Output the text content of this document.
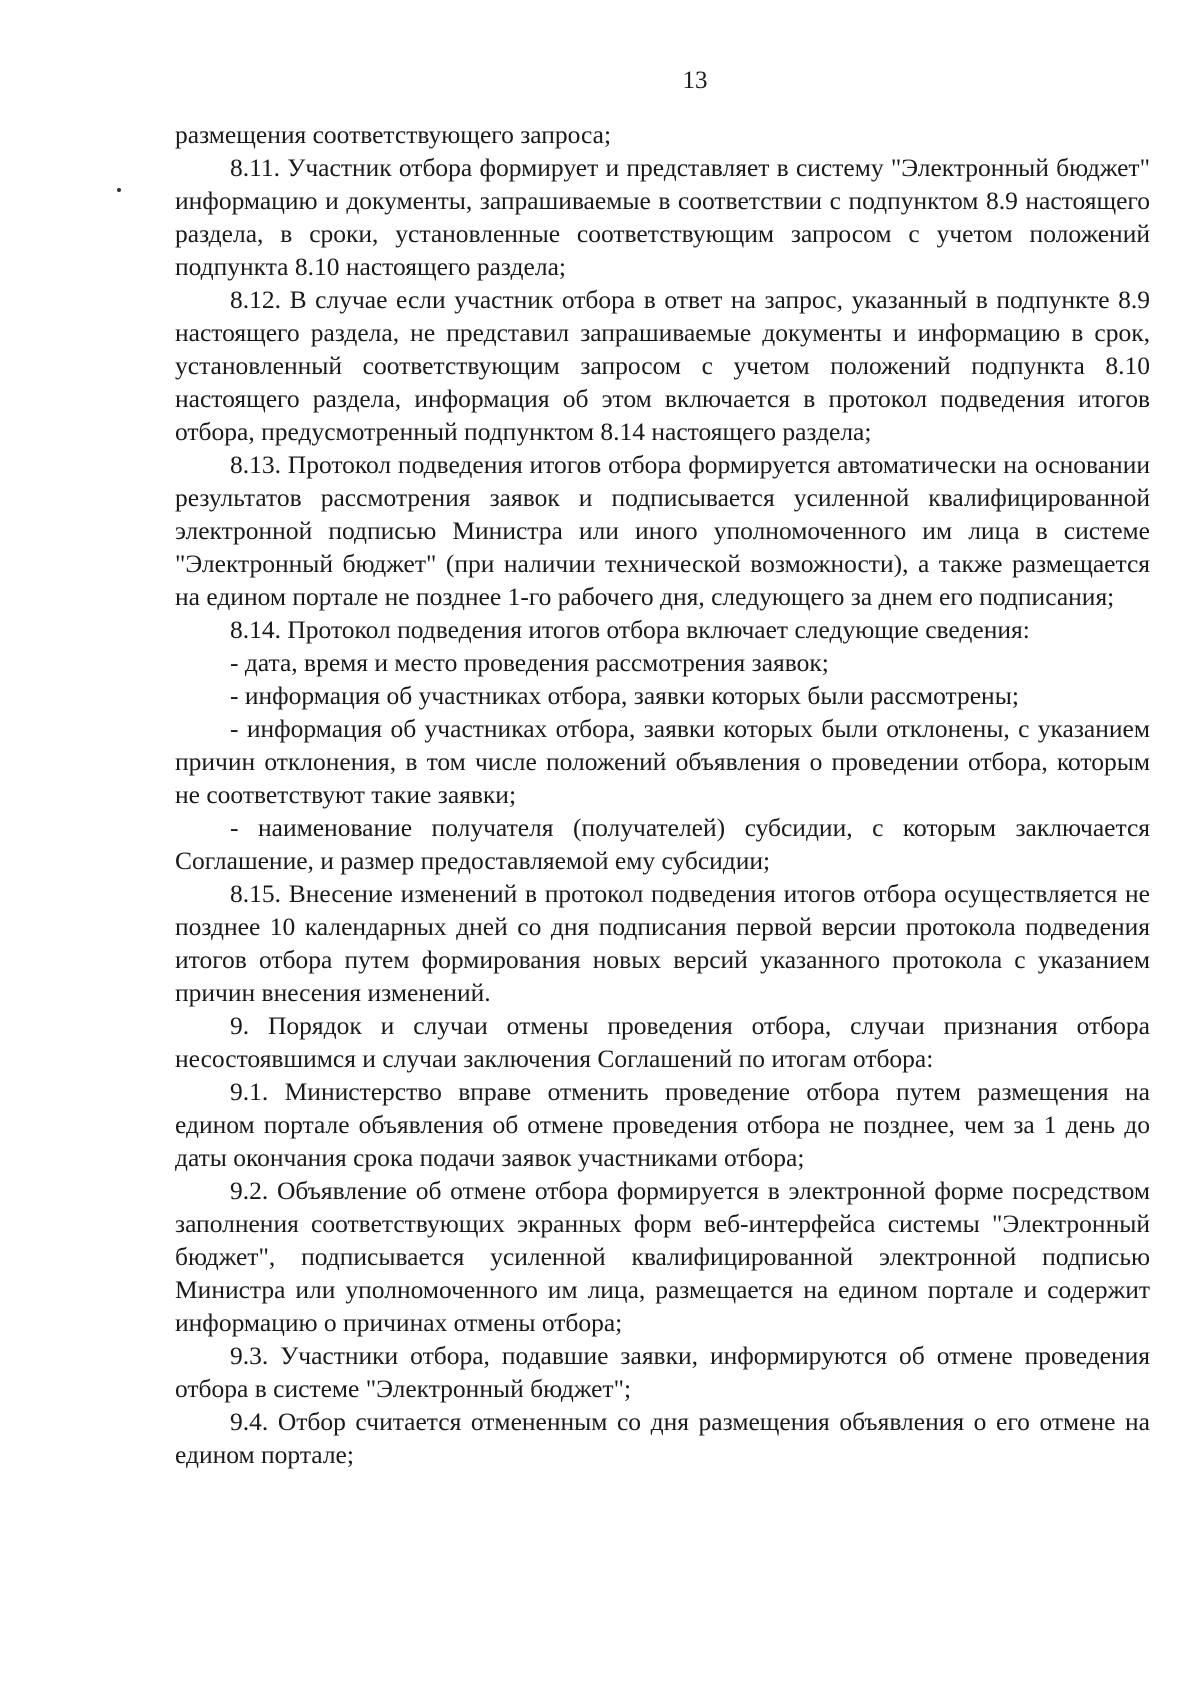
13

размещения соответствующего запроса;

8.11. Участник отбора формирует и представляет в систему "Электронный бюджет" информацию и документы, запрашиваемые в соответствии с подпунктом 8.9 настоящего раздела, в сроки, установленные соответствующим запросом с учетом положений подпункта 8.10 настоящего раздела;

8.12. В случае если участник отбора в ответ на запрос, указанный в подпункте 8.9 настоящего раздела, не представил запрашиваемые документы и информацию в срок, установленный соответствующим запросом с учетом положений подпункта 8.10 настоящего раздела, информация об этом включается в протокол подведения итогов отбора, предусмотренный подпунктом 8.14 настоящего раздела;

8.13. Протокол подведения итогов отбора формируется автоматически на основании результатов рассмотрения заявок и подписывается усиленной квалифицированной электронной подписью Министра или иного уполномоченного им лица в системе "Электронный бюджет" (при наличии технической возможности), а также размещается на едином портале не позднее 1-го рабочего дня, следующего за днем его подписания;

8.14. Протокол подведения итогов отбора включает следующие сведения:

- дата, время и место проведения рассмотрения заявок;

- информация об участниках отбора, заявки которых были рассмотрены;

- информация об участниках отбора, заявки которых были отклонены, с указанием причин отклонения, в том числе положений объявления о проведении отбора, которым не соответствуют такие заявки;

- наименование получателя (получателей) субсидии, с которым заключается Соглашение, и размер предоставляемой ему субсидии;

8.15. Внесение изменений в протокол подведения итогов отбора осуществляется не позднее 10 календарных дней со дня подписания первой версии протокола подведения итогов отбора путем формирования новых версий указанного протокола с указанием причин внесения изменений.

9. Порядок и случаи отмены проведения отбора, случаи признания отбора несостоявшимся и случаи заключения Соглашений по итогам отбора:

9.1. Министерство вправе отменить проведение отбора путем размещения на едином портале объявления об отмене проведения отбора не позднее, чем за 1 день до даты окончания срока подачи заявок участниками отбора;

9.2. Объявление об отмене отбора формируется в электронной форме посредством заполнения соответствующих экранных форм веб-интерфейса системы "Электронный бюджет", подписывается усиленной квалифицированной электронной подписью Министра или уполномоченного им лица, размещается на едином портале и содержит информацию о причинах отмены отбора;

9.3. Участники отбора, подавшие заявки, информируются об отмене проведения отбора в системе "Электронный бюджет";

9.4. Отбор считается отмененным со дня размещения объявления о его отмене на едином портале;
